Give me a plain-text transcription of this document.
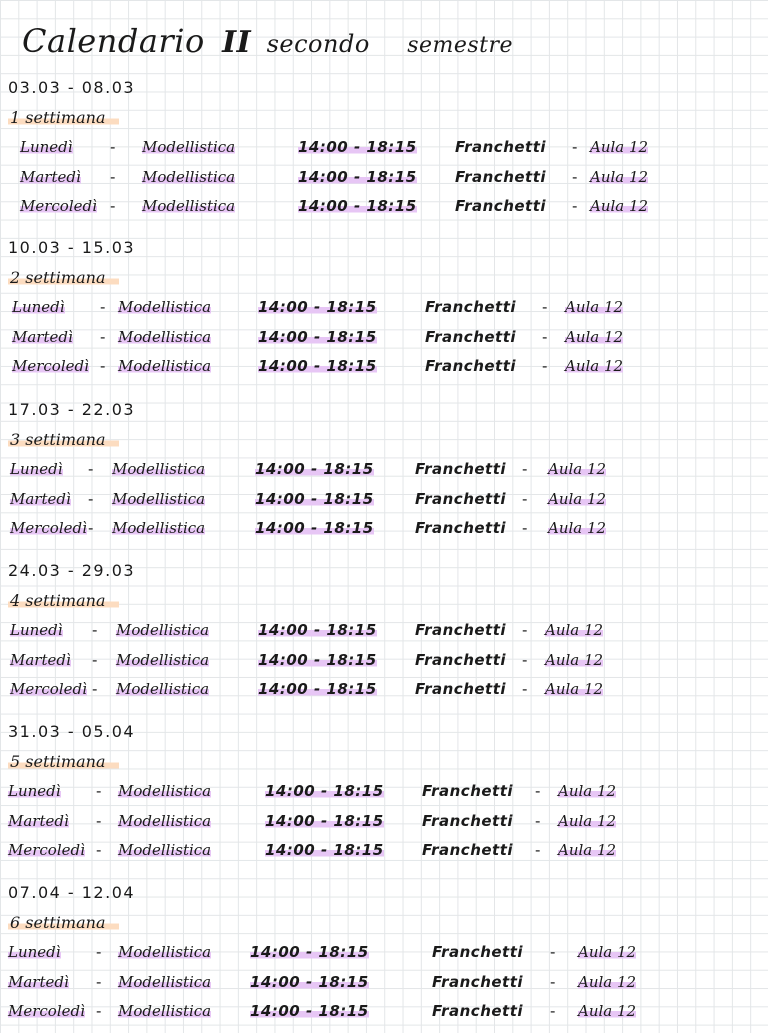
Calendario II secondo semestre
03.03 - 08.03
1 settimana
Lunedì - Modellistica	14:00 - 18:15	Franchetti - Aula 12
Martedì - Modellistica	14:00 - 18:15	Franchetti - Aula 12
Mercoledì - Modellistica	14:00 - 18:15	Franchetti - Aula 12
10.03 - 15.03
2 settimana
Lunedì - Modellistica	14:00 - 18:15	Franchetti - Aula 12
Martedì - Modellistica	14:00 - 18:15	Franchetti - Aula 12
Mercoledì - Modellistica	14:00 - 18:15	Franchetti - Aula 12
17.03 - 22.03
3 settimana
Lunedì - Modellistica	14:00 - 18:15	Franchetti - Aula 12
Martedì - Modellistica	14:00 - 18:15	Franchetti - Aula 12
Mercoledì - Modellistica	14:00 - 18:15	Franchetti - Aula 12
24.03 - 29.03
4 settimana
Lunedì - Modellistica	14:00 - 18:15	Franchetti - Aula 12
Martedì - Modellistica	14:00 - 18:15	Franchetti - Aula 12
Mercoledì - Modellistica	14:00 - 18:15	Franchetti - Aula 12
31.03 - 05.04
5 settimana
Lunedì - Modellistica	14:00 - 18:15	Franchetti - Aula 12
Martedì - Modellistica	14:00 - 18:15	Franchetti - Aula 12
Mercoledì - Modellistica	14:00 - 18:15	Franchetti - Aula 12
07.04 - 12.04
6 settimana
Lunedì - Modellistica	14:00 - 18:15	Franchetti - Aula 12
Martedì - Modellistica	14:00 - 18:15	Franchetti - Aula 12
Mercoledì - Modellistica	14:00 - 18:15	Franchetti - Aula 12
